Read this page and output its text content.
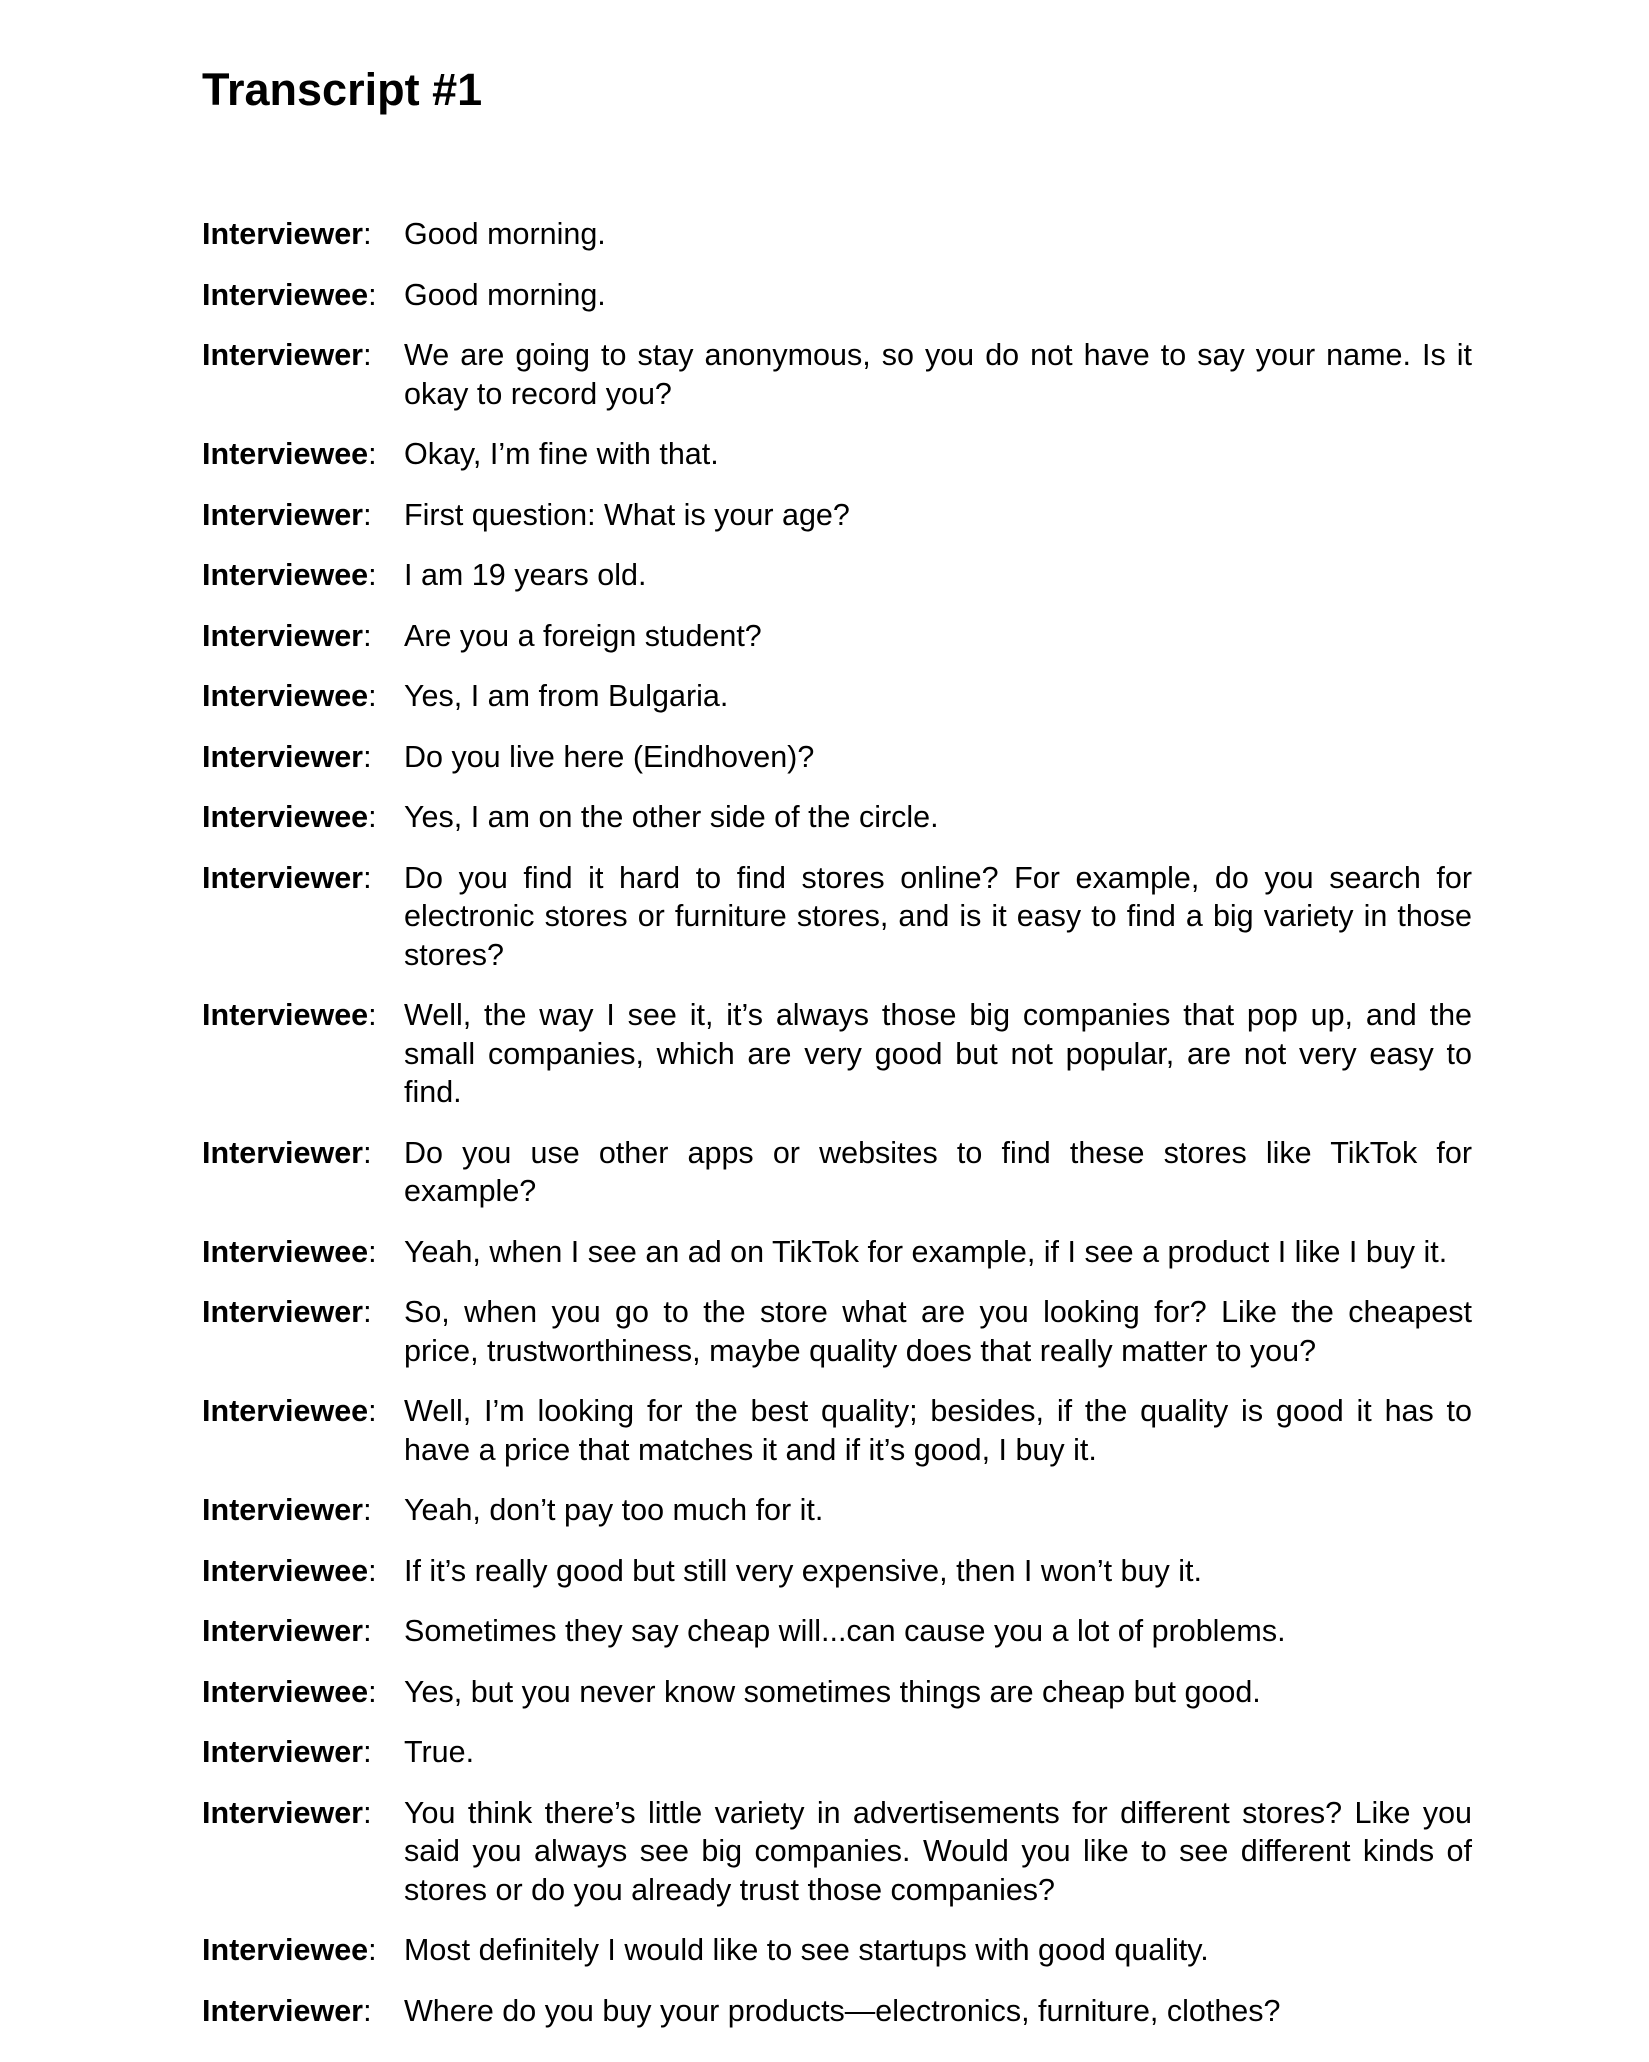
Transcript #1
Interviewer:	Good morning.
Interviewee: Good morning.
Interviewer:	We are going to stay anonymous, so you do not have to say your name. Is it okay to record you?
Interviewee: Okay, I’m fine with that.
Interviewer:	First question: What is your age?
Interviewee: I am 19 years old.
Interviewer:	Are you a foreign student?
Interviewee: Yes, I am from Bulgaria.
Interviewer:	Do you live here (Eindhoven)?
Interviewee: Yes, I am on the other side of the circle.
Interviewer:	Do you find it hard to find stores online? For example, do you search for electronic stores or furniture stores, and is it easy to find a big variety in those stores?
Interviewee: Well, the way I see it, it’s always those big companies that pop up, and the small companies, which are very good but not popular, are not very easy to find.
Interviewer:	Do you use other apps or websites to find these stores like TikTok for example?
Interviewee: Yeah, when I see an ad on TikTok for example, if I see a product I like I buy it.
Interviewer:	So, when you go to the store what are you looking for? Like the cheapest price, trustworthiness, maybe quality does that really matter to you?
Interviewee: Well, I’m looking for the best quality; besides, if the quality is good it has to have a price that matches it and if it’s good, I buy it.
Interviewer:	Yeah, don’t pay too much for it.
Interviewee: If it’s really good but still very expensive, then I won’t buy it.
Interviewer:	Sometimes they say cheap will...can cause you a lot of problems.
Interviewee: Yes, but you never know sometimes things are cheap but good.
Interviewer:	True.
Interviewer:	You think there’s little variety in advertisements for different stores? Like you said you always see big companies. Would you like to see different kinds of stores or do you already trust those companies?
Interviewee: Most definitely I would like to see startups with good quality.
Interviewer:	Where do you buy your products—electronics, furniture, clothes?
